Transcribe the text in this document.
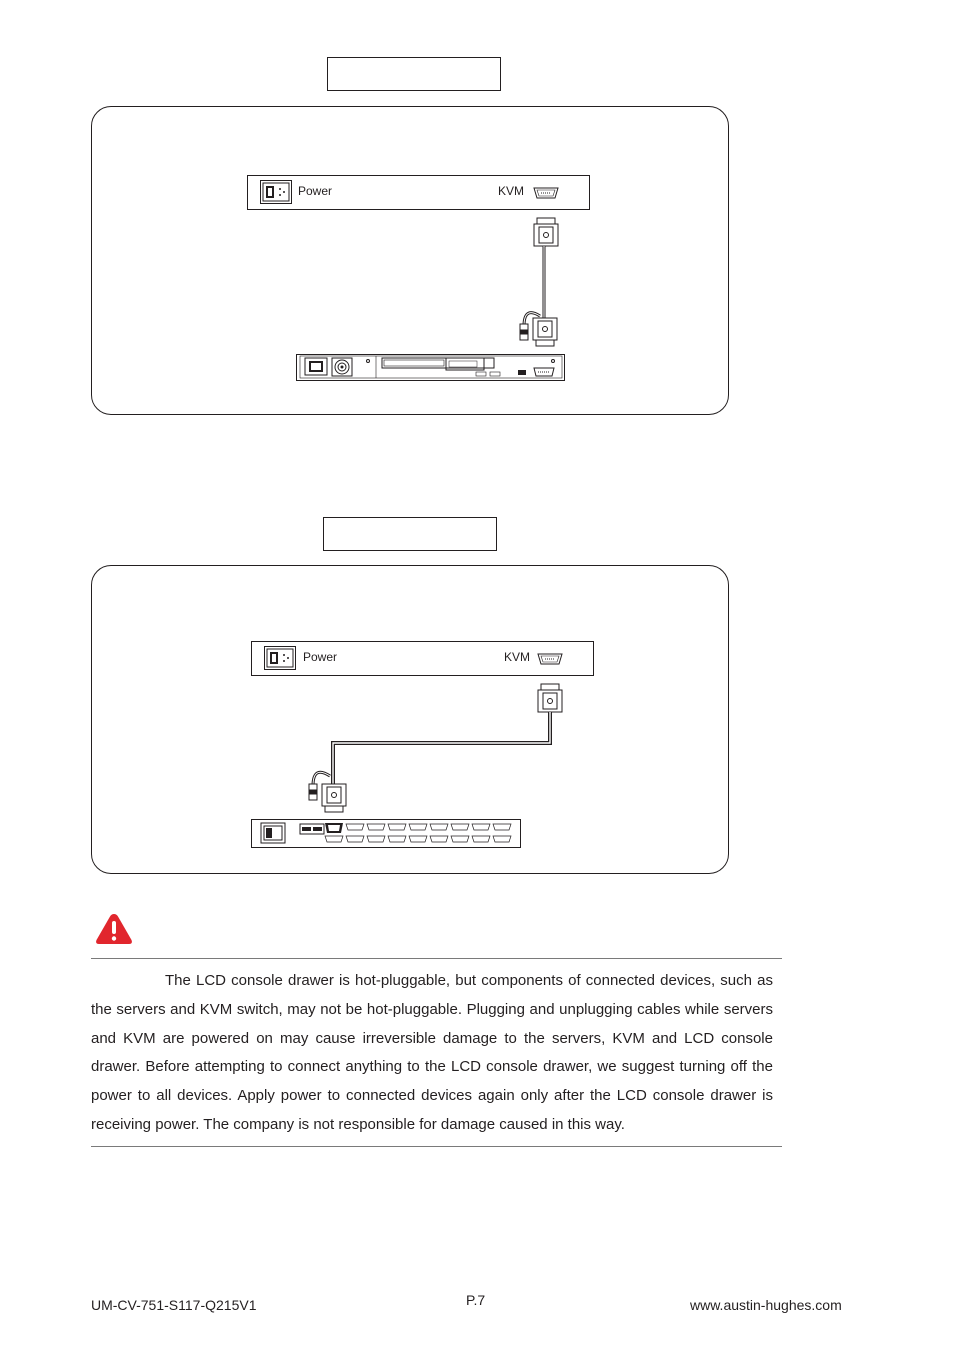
Power	KVM
Power	KVM

The LCD console drawer is hot-pluggable, but components of connected devices, such as the servers and KVM switch, may not be hot-pluggable. Plugging and unplugging cables while servers and KVM are powered on may cause irreversible damage to the servers, KVM and LCD console drawer. Before attempting to connect anything to the LCD console drawer, we suggest turning off the power to all devices. Apply power to connected devices again only after the LCD console drawer is receiving power. The company is not responsible for damage caused in this way.

UM-CV-751-S117-Q215V1	P.7	www.austin-hughes.com
